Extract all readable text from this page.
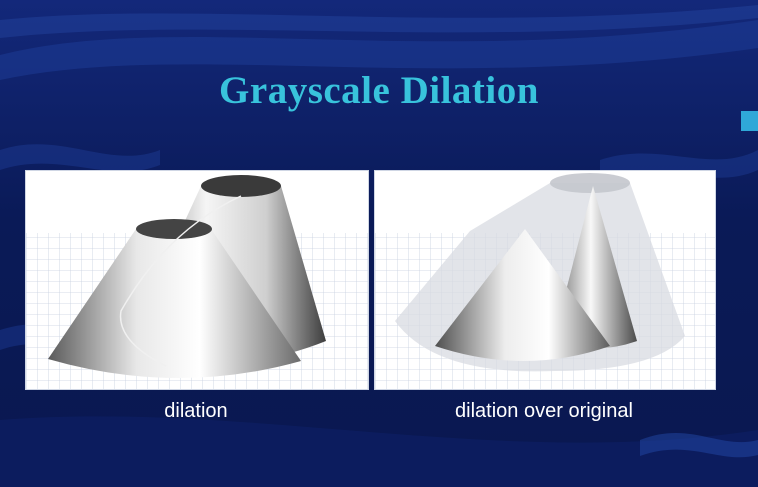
Grayscale Dilation
dilation	dilation over original
